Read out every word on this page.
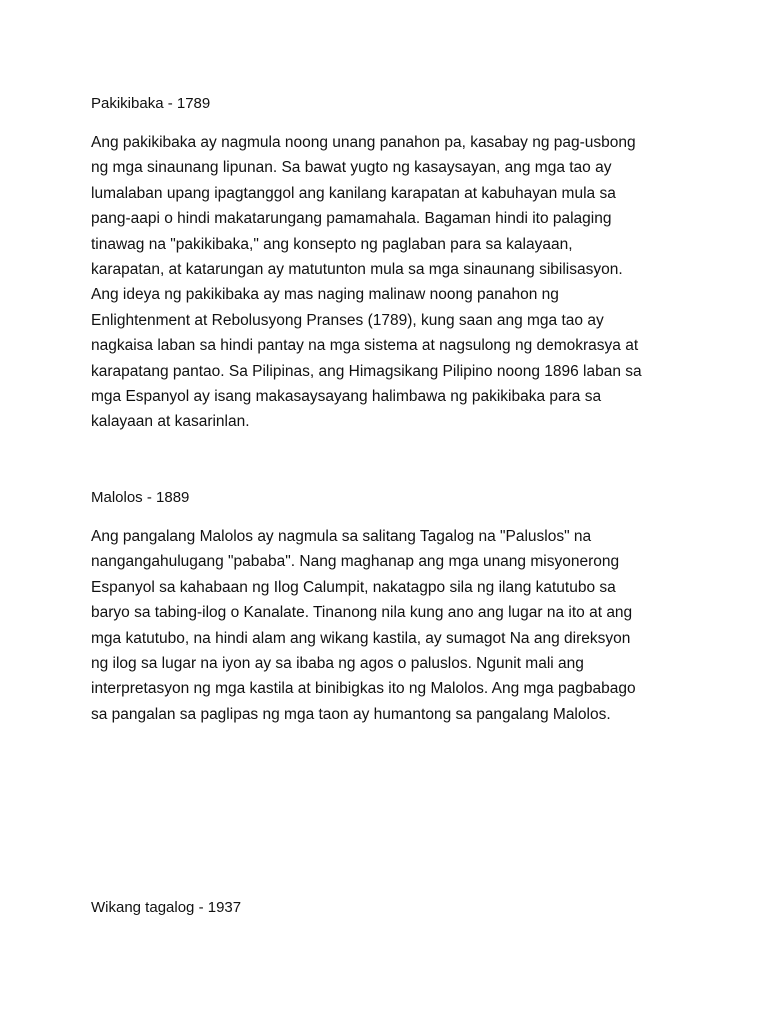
Pakikibaka - 1789
Ang pakikibaka ay nagmula noong unang panahon pa, kasabay ng pag-usbong
ng mga sinaunang lipunan. Sa bawat yugto ng kasaysayan, ang mga tao ay
lumalaban upang ipagtanggol ang kanilang karapatan at kabuhayan mula sa
pang-aapi o hindi makatarungang pamamahala. Bagaman hindi ito palaging
tinawag na "pakikibaka," ang konsepto ng paglaban para sa kalayaan,
karapatan, at katarungan ay matutunton mula sa mga sinaunang sibilisasyon.
Ang ideya ng pakikibaka ay mas naging malinaw noong panahon ng
Enlightenment at Rebolusyong Pranses (1789), kung saan ang mga tao ay
nagkaisa laban sa hindi pantay na mga sistema at nagsulong ng demokrasya at
karapatang pantao. Sa Pilipinas, ang Himagsikang Pilipino noong 1896 laban sa
mga Espanyol ay isang makasaysayang halimbawa ng pakikibaka para sa
kalayaan at kasarinlan.
Malolos - 1889
Ang pangalang Malolos ay nagmula sa salitang Tagalog na "Paluslos" na
nangangahulugang "pababa". Nang maghanap ang mga unang misyonerong
Espanyol sa kahabaan ng Ilog Calumpit, nakatagpo sila ng ilang katutubo sa
baryo sa tabing-ilog o Kanalate. Tinanong nila kung ano ang lugar na ito at ang
mga katutubo, na hindi alam ang wikang kastila, ay sumagot Na ang direksyon
ng ilog sa lugar na iyon ay sa ibaba ng agos o paluslos. Ngunit mali ang
interpretasyon ng mga kastila at binibigkas ito ng Malolos. Ang mga pagbabago
sa pangalan sa paglipas ng mga taon ay humantong sa pangalang Malolos.
Wikang tagalog - 1937
